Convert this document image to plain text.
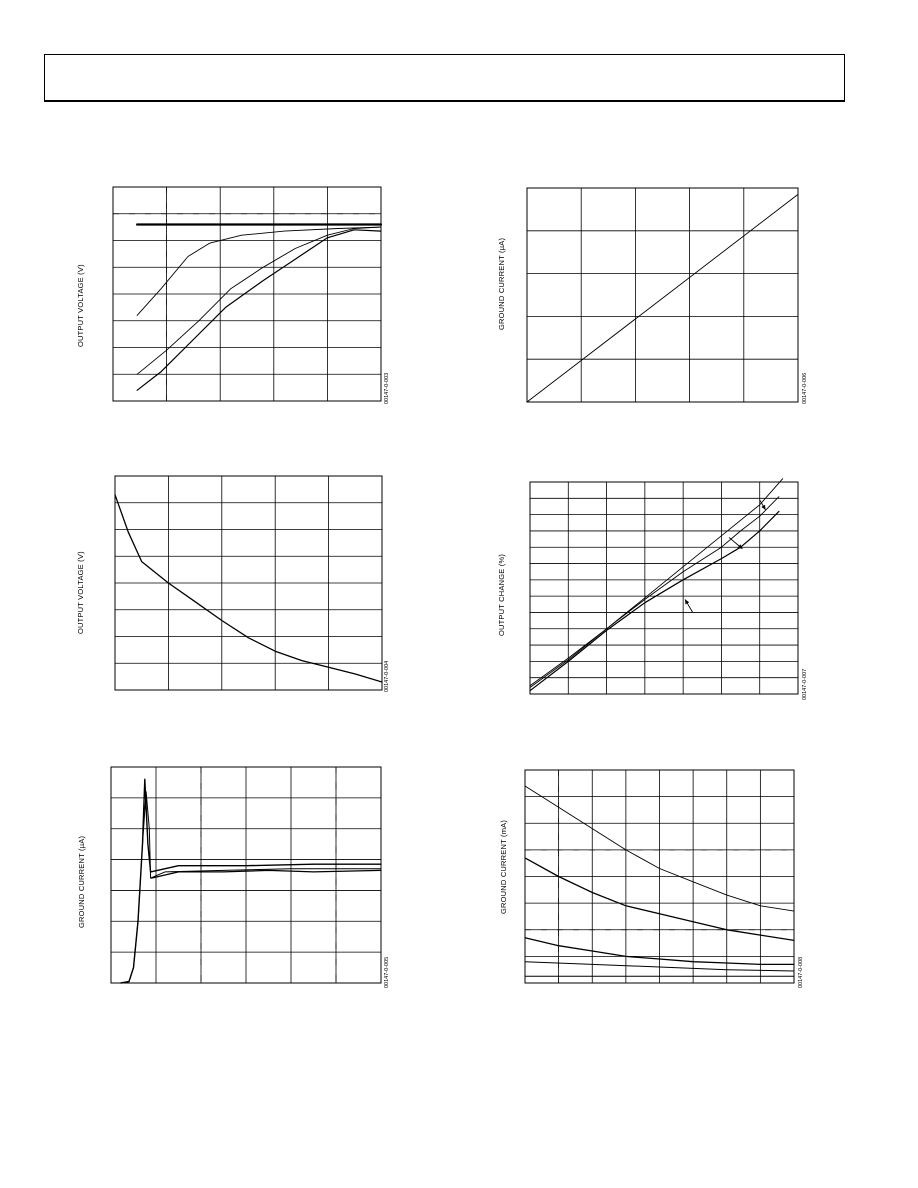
OUTPUT VOLTAGE (V)
00147-0-003
GROUND CURRENT (µA)
00147-0-006
OUTPUT VOLTAGE (V)
00147-0-004
OUTPUT CHANGE (%)
00147-0-007
GROUND CURRENT (µA)
00147-0-005
GROUND CURRENT (mA)
00147-0-008
